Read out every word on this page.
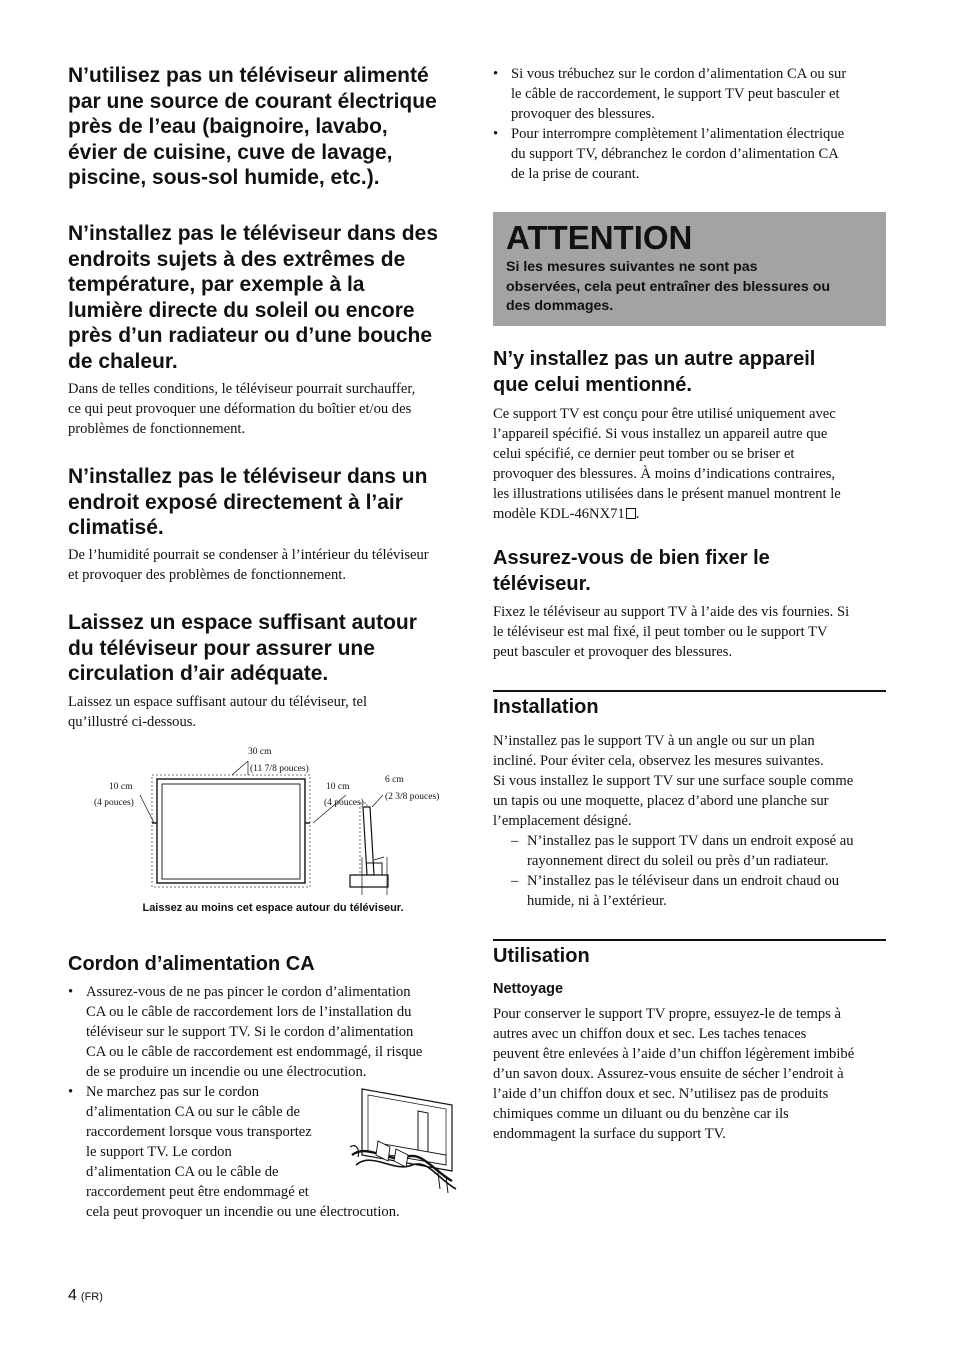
N’utilisez pas un téléviseur alimenté
par une source de courant électrique
près de l’eau (baignoire, lavabo,
évier de cuisine, cuve de lavage,
piscine, sous-sol humide, etc.).
N’installez pas le téléviseur dans des
endroits sujets à des extrêmes de
température, par exemple à la
lumière directe du soleil ou encore
près d’un radiateur ou d’une bouche
de chaleur.
Dans de telles conditions, le téléviseur pourrait surchauffer,
ce qui peut provoquer une déformation du boîtier et/ou des
problèmes de fonctionnement.
N’installez pas le téléviseur dans un
endroit exposé directement à l’air
climatisé.
De l’humidité pourrait se condenser à l’intérieur du téléviseur
et provoquer des problèmes de fonctionnement.
Laissez un espace suffisant autour
du téléviseur pour assurer une
circulation d’air adéquate.
Laissez un espace suffisant autour du téléviseur, tel
qu’illustré ci-dessous.
30 cm
(11 7/8 pouces)
10 cm
(4 pouces)
10 cm
(4 pouces)
6 cm
(2 3/8 pouces)
Laissez au moins cet espace autour du téléviseur.
Cordon d’alimentation CA
• Assurez-vous de ne pas pincer le cordon d’alimentation
CA ou le câble de raccordement lors de l’installation du
téléviseur sur le support TV. Si le cordon d’alimentation
CA ou le câble de raccordement est endommagé, il risque
de se produire un incendie ou une électrocution.
• Ne marchez pas sur le cordon
d’alimentation CA ou sur le câble de
raccordement lorsque vous transportez
le support TV. Le cordon
d’alimentation CA ou le câble de
raccordement peut être endommagé et
cela peut provoquer un incendie ou une électrocution.
4 (FR)
• Si vous trébuchez sur le cordon d’alimentation CA ou sur
le câble de raccordement, le support TV peut basculer et
provoquer des blessures.
• Pour interrompre complètement l’alimentation électrique
du support TV, débranchez le cordon d’alimentation CA
de la prise de courant.
ATTENTION
Si les mesures suivantes ne sont pas
observées, cela peut entraîner des blessures ou
des dommages.
N’y installez pas un autre appareil
que celui mentionné.
Ce support TV est conçu pour être utilisé uniquement avec
l’appareil spécifié. Si vous installez un appareil autre que
celui spécifié, ce dernier peut tomber ou se briser et
provoquer des blessures. À moins d’indications contraires,
les illustrations utilisées dans le présent manuel montrent le
modèle KDL-46NX71 .
Assurez-vous de bien fixer le
téléviseur.
Fixez le téléviseur au support TV à l’aide des vis fournies. Si
le téléviseur est mal fixé, il peut tomber ou le support TV
peut basculer et provoquer des blessures.
Installation
N’installez pas le support TV à un angle ou sur un plan
incliné. Pour éviter cela, observez les mesures suivantes.
Si vous installez le support TV sur une surface souple comme
un tapis ou une moquette, placez d’abord une planche sur
l’emplacement désigné.
– N’installez pas le support TV dans un endroit exposé au
rayonnement direct du soleil ou près d’un radiateur.
– N’installez pas le téléviseur dans un endroit chaud ou
humide, ni à l’extérieur.
Utilisation
Nettoyage
Pour conserver le support TV propre, essuyez-le de temps à
autres avec un chiffon doux et sec. Les taches tenaces
peuvent être enlevées à l’aide d’un chiffon légèrement imbibé
d’un savon doux. Assurez-vous ensuite de sécher l’endroit à
l’aide d’un chiffon doux et sec. N’utilisez pas de produits
chimiques comme un diluant ou du benzène car ils
endommagent la surface du support TV.
